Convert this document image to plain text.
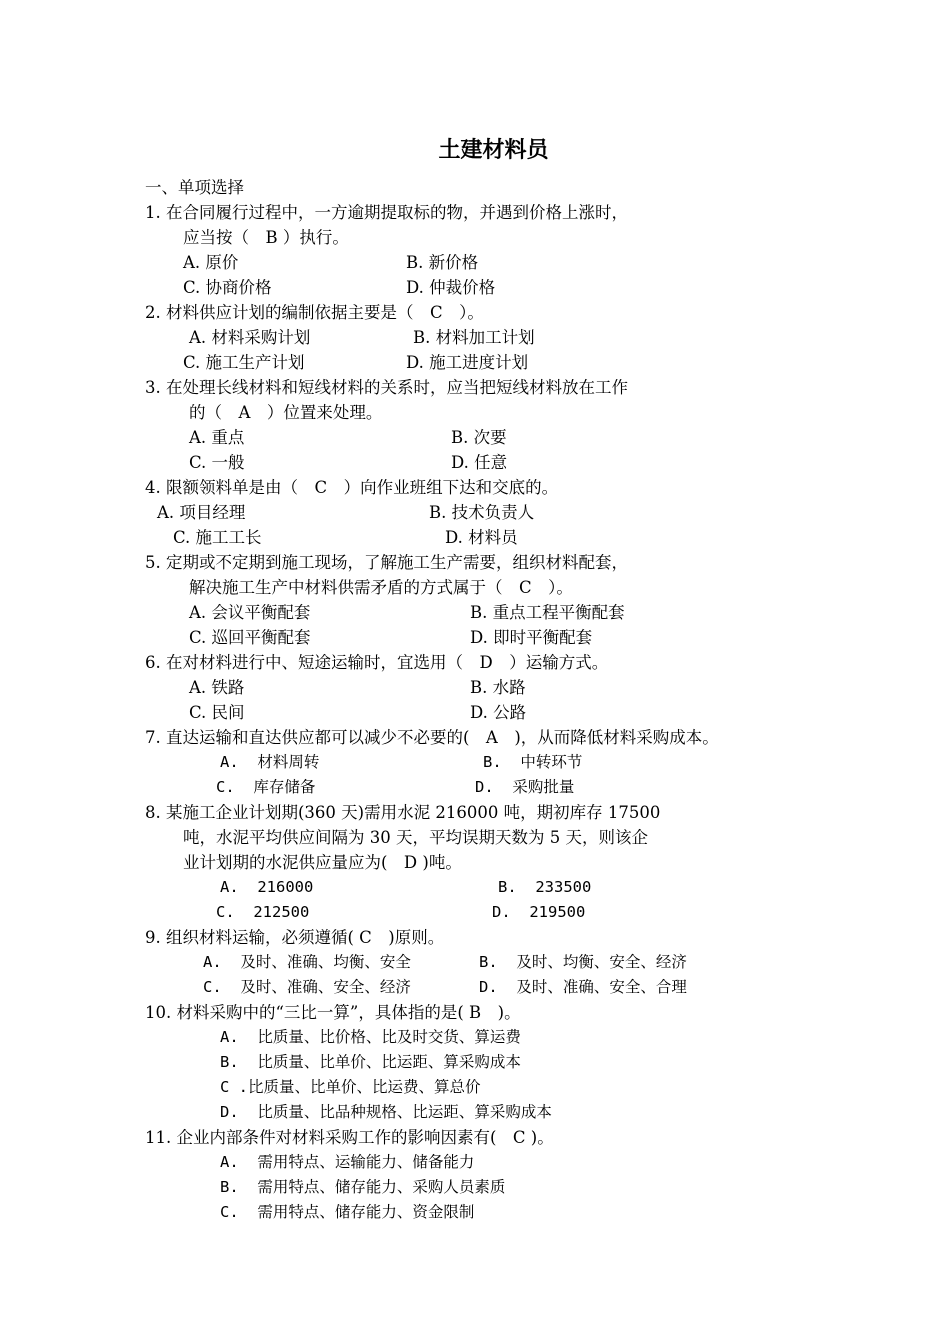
土建材料员
一、单项选择
1. 在合同履行过程中，一方逾期提取标的物，并遇到价格上涨时，
应当按（　B ）执行。
A. 原价	B. 新价格
C. 协商价格	D. 仲裁价格
2. 材料供应计划的编制依据主要是（　C　）。
A. 材料采购计划	B. 材料加工计划
C. 施工生产计划	D. 施工进度计划
3. 在处理长线材料和短线材料的关系时，应当把短线材料放在工作
的（　A　）位置来处理。
A. 重点	B. 次要
C. 一般	D. 任意
4. 限额领料单是由（　C　）向作业班组下达和交底的。
A. 项目经理	B. 技术负责人
C. 施工工长	D. 材料员
5. 定期或不定期到施工现场，了解施工生产需要，组织材料配套，
解决施工生产中材料供需矛盾的方式属于（　C　）。
A. 会议平衡配套	B. 重点工程平衡配套
C. 巡回平衡配套	D. 即时平衡配套
6. 在对材料进行中、短途运输时，宜选用（　D　）运输方式。
A. 铁路	B. 水路
C. 民间	D. 公路
7. 直达运输和直达供应都可以减少不必要的(　A　)，从而降低材料采购成本。
A.  材料周转	B.  中转环节
C.  库存储备	D.  采购批量
8. 某施工企业计划期(360 天)需用水泥 216000 吨，期初库存 17500
吨，水泥平均供应间隔为 30 天，平均误期天数为 5 天，则该企
业计划期的水泥供应量应为(　D )吨。
A.  216000	B.  233500
C.  212500	D.  219500
9. 组织材料运输，必须遵循( C　)原则。
A.  及时、准确、均衡、安全	B.  及时、均衡、安全、经济
C.  及时、准确、安全、经济	D.  及时、准确、安全、合理
10. 材料采购中的“三比一算”，具体指的是( B　)。
A.  比质量、比价格、比及时交货、算运费
B.  比质量、比单价、比运距、算采购成本
C .比质量、比单价、比运费、算总价
D.  比质量、比品种规格、比运距、算采购成本
11. 企业内部条件对材料采购工作的影响因素有(　C )。
A.  需用特点、运输能力、储备能力
B.  需用特点、储存能力、采购人员素质
C.  需用特点、储存能力、资金限制
